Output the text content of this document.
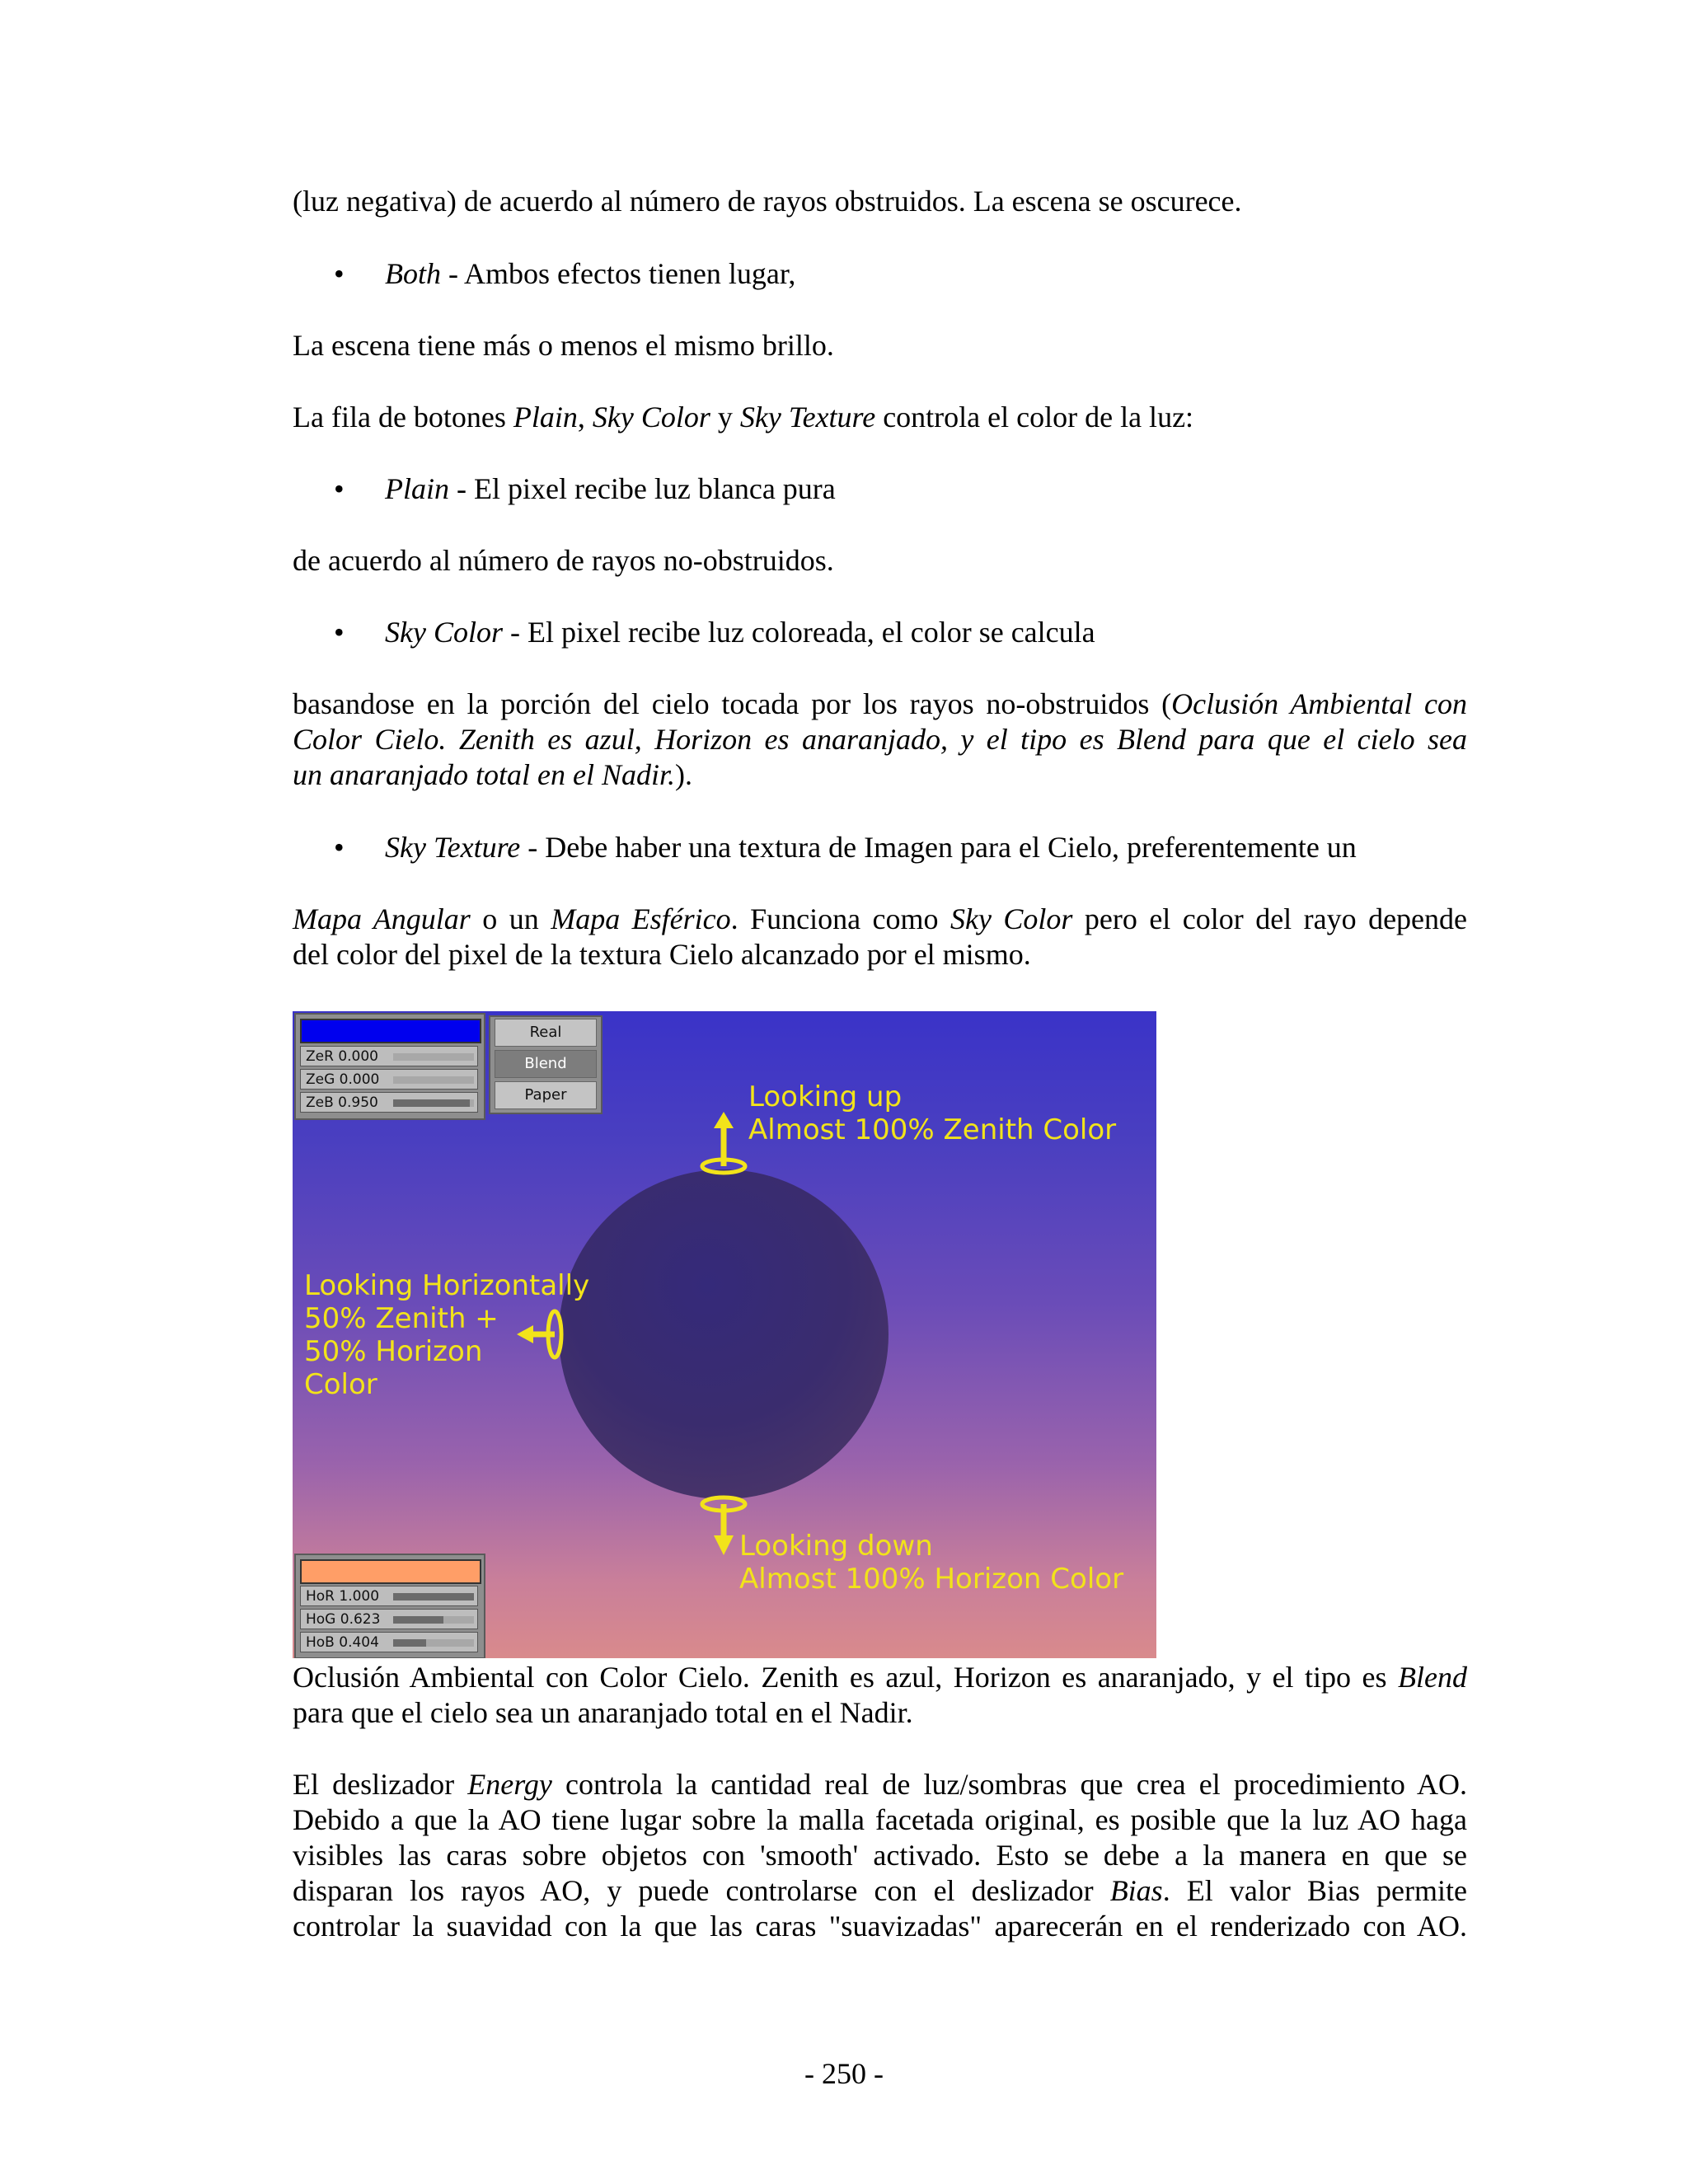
(luz negativa) de acuerdo al número de rayos obstruidos. La escena se oscurece.

• Both - Ambos efectos tienen lugar,

La escena tiene más o menos el mismo brillo.

La fila de botones Plain, Sky Color y Sky Texture controla el color de la luz:

• Plain - El pixel recibe luz blanca pura

de acuerdo al número de rayos no-obstruidos.

• Sky Color - El pixel recibe luz coloreada, el color se calcula
basandose en la porción del cielo tocada por los rayos no-obstruidos (Oclusión Ambiental con
Color Cielo. Zenith es azul, Horizon es anaranjado, y el tipo es Blend para que el cielo sea
un anaranjado total en el Nadir.).
• Sky Texture - Debe haber una textura de Imagen para el Cielo, preferentemente un
Mapa Angular o un Mapa Esférico. Funciona como Sky Color pero el color del rayo depende
del color del pixel de la textura Cielo alcanzado por el mismo.
ZeR 0.000
ZeG 0.000
ZeB 0.950
Real
Blend
Paper
HoR 1.000
HoG 0.623
HoB 0.404
Looking up
Almost 100% Zenith Color
Looking Horizontally
50% Zenith +
50% Horizon
Color
Looking down
Almost 100% Horizon Color
Oclusión Ambiental con Color Cielo. Zenith es azul, Horizon es anaranjado, y el tipo es Blend
para que el cielo sea un anaranjado total en el Nadir.
El deslizador Energy controla la cantidad real de luz/sombras que crea el procedimiento AO.
Debido a que la AO tiene lugar sobre la malla facetada original, es posible que la luz AO haga
visibles las caras sobre objetos con 'smooth' activado. Esto se debe a la manera en que se
disparan los rayos AO, y puede controlarse con el deslizador Bias. El valor Bias permite
controlar la suavidad con la que las caras "suavizadas" aparecerán en el renderizado con AO.
- 250 -
